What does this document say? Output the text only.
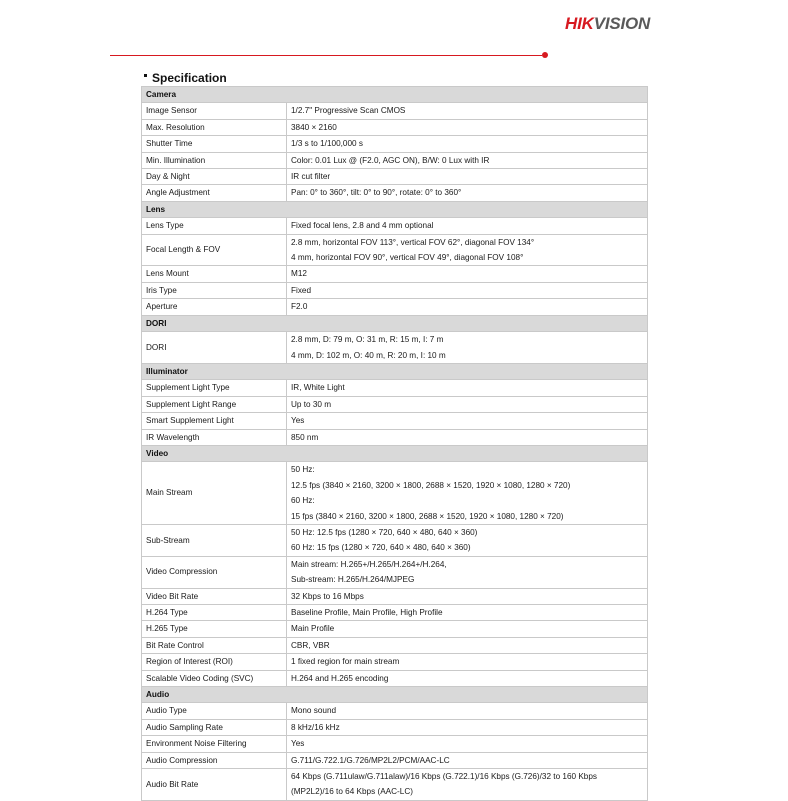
HIKVISION
Specification
Camera	
Image Sensor	1/2.7" Progressive Scan CMOS

Max. Resolution	3840 × 2160

Shutter Time	1/3 s to 1/100,000 s

Min. Illumination	Color: 0.01 Lux @ (F2.0, AGC ON), B/W: 0 Lux with IR

Day & Night	IR cut filter

Angle Adjustment	Pan: 0° to 360°, tilt: 0° to 90°, rotate: 0° to 360°

Lens	
Lens Type	Fixed focal lens, 2.8 and 4 mm optional

Focal Length & FOV	2.8 mm, horizontal FOV 113°, vertical FOV 62°, diagonal FOV 134°
4 mm, horizontal FOV 90°, vertical FOV 49°, diagonal FOV 108°

Lens Mount	M12

Iris Type	Fixed

Aperture	F2.0

DORI	
DORI	2.8 mm, D: 79 m, O: 31 m, R: 15 m, I: 7 m
4 mm, D: 102 m, O: 40 m, R: 20 m, I: 10 m

Illuminator	
Supplement Light Type	IR, White Light

Supplement Light Range	Up to 30 m

Smart Supplement Light	Yes

IR Wavelength	850 nm

Video	
Main Stream	50 Hz:
12.5 fps (3840 × 2160, 3200 × 1800, 2688 × 1520, 1920 × 1080, 1280 × 720)
60 Hz:
15 fps (3840 × 2160, 3200 × 1800, 2688 × 1520, 1920 × 1080, 1280 × 720)

Sub-Stream	50 Hz: 12.5 fps (1280 × 720, 640 × 480, 640 × 360)
60 Hz: 15 fps (1280 × 720, 640 × 480, 640 × 360)

Video Compression	Main stream: H.265+/H.265/H.264+/H.264,
Sub-stream: H.265/H.264/MJPEG

Video Bit Rate	32 Kbps to 16 Mbps

H.264 Type	Baseline Profile, Main Profile, High Profile

H.265 Type	Main Profile

Bit Rate Control	CBR, VBR

Region of Interest (ROI)	1 fixed region for main stream

Scalable Video Coding (SVC)	H.264 and H.265 encoding

Audio	
Audio Type	Mono sound

Audio Sampling Rate	8 kHz/16 kHz

Environment Noise Filtering	Yes

Audio Compression	G.711/G.722.1/G.726/MP2L2/PCM/AAC-LC

Audio Bit Rate	64 Kbps (G.711ulaw/G.711alaw)/16 Kbps (G.722.1)/16 Kbps (G.726)/32 to 160 Kbps
(MP2L2)/16 to 64 Kbps (AAC-LC)
